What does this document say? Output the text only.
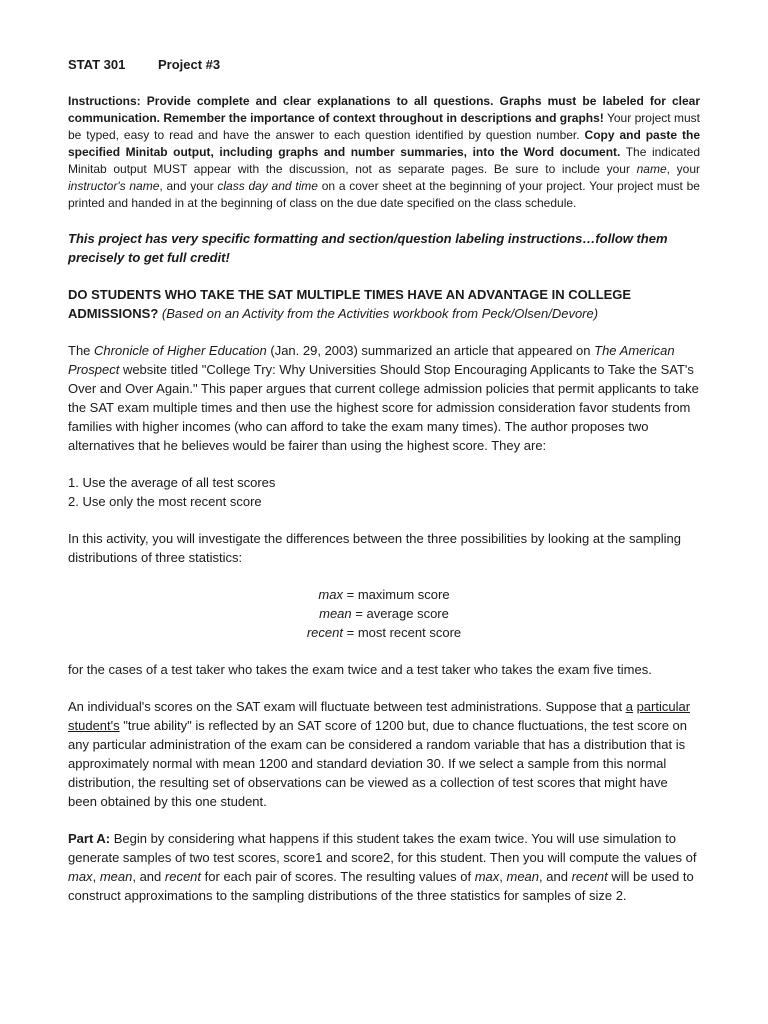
STAT 301	Project #3

Instructions: Provide complete and clear explanations to all questions. Graphs must be labeled for clear communication. Remember the importance of context throughout in descriptions and graphs! Your project must be typed, easy to read and have the answer to each question identified by question number. Copy and paste the specified Minitab output, including graphs and number summaries, into the Word document. The indicated Minitab output MUST appear with the discussion, not as separate pages. Be sure to include your name, your instructor's name, and your class day and time on a cover sheet at the beginning of your project. Your project must be printed and handed in at the beginning of class on the due date specified on the class schedule.

This project has very specific formatting and section/question labeling instructions…follow them precisely to get full credit!

DO STUDENTS WHO TAKE THE SAT MULTIPLE TIMES HAVE AN ADVANTAGE IN COLLEGE ADMISSIONS? (Based on an Activity from the Activities workbook from Peck/Olsen/Devore)

The Chronicle of Higher Education (Jan. 29, 2003) summarized an article that appeared on The American Prospect website titled "College Try: Why Universities Should Stop Encouraging Applicants to Take the SAT's Over and Over Again." This paper argues that current college admission policies that permit applicants to take the SAT exam multiple times and then use the highest score for admission consideration favor students from families with higher incomes (who can afford to take the exam many times). The author proposes two alternatives that he believes would be fairer than using the highest score. They are:

1. Use the average of all test scores
2. Use only the most recent score

In this activity, you will investigate the differences between the three possibilities by looking at the sampling distributions of three statistics:

max = maximum score
mean = average score
recent = most recent score

for the cases of a test taker who takes the exam twice and a test taker who takes the exam five times.

An individual's scores on the SAT exam will fluctuate between test administrations. Suppose that a particular student's "true ability" is reflected by an SAT score of 1200 but, due to chance fluctuations, the test score on any particular administration of the exam can be considered a random variable that has a distribution that is approximately normal with mean 1200 and standard deviation 30. If we select a sample from this normal distribution, the resulting set of observations can be viewed as a collection of test scores that might have been obtained by this one student.

Part A: Begin by considering what happens if this student takes the exam twice. You will use simulation to generate samples of two test scores, score1 and score2, for this student. Then you will compute the values of max, mean, and recent for each pair of scores. The resulting values of max, mean, and recent will be used to construct approximations to the sampling distributions of the three statistics for samples of size 2.
